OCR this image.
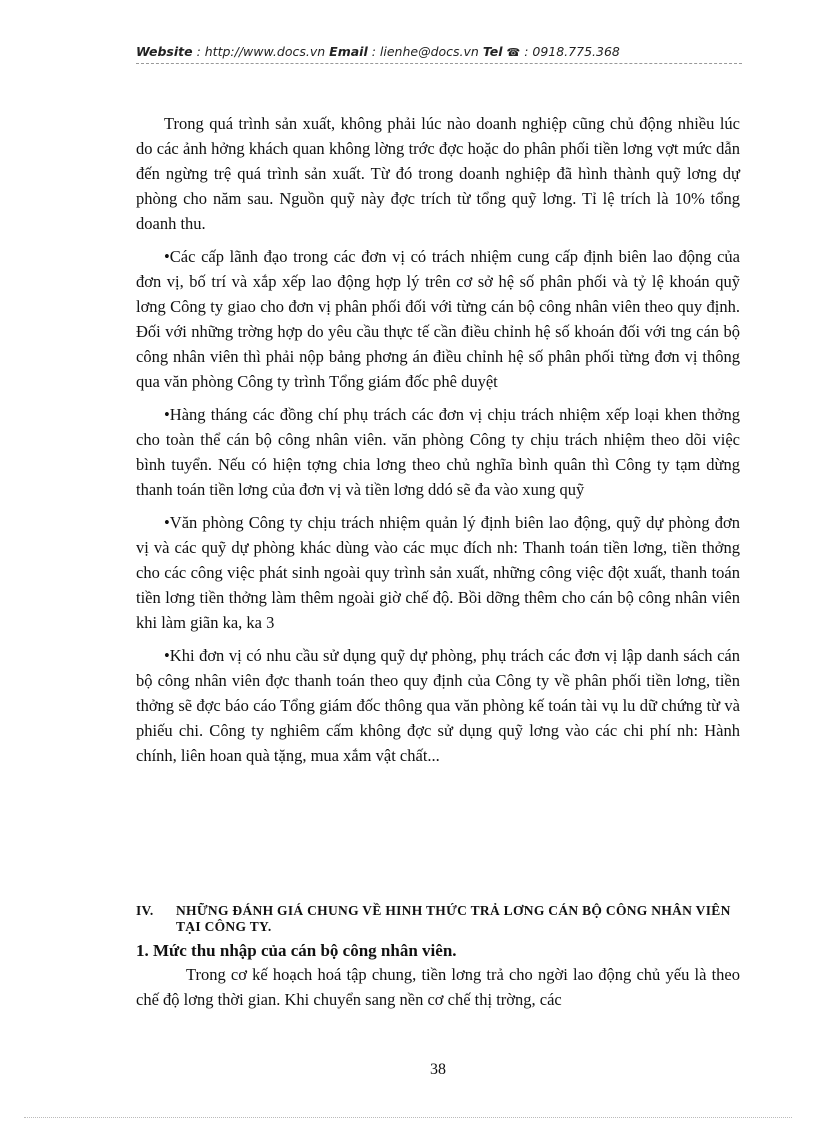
Website : http://www.docs.vn Email : lienhe@docs.vn Tel ☎ : 0918.775.368

Trong quá trình sản xuất, không phải lúc nào doanh nghiệp cũng chủ động nhiều lúc do các ảnh hởng khách quan không lờng trớc đợc hoặc do phân phối tiền lơng vợt mức dẫn đến ngừng trệ quá trình sản xuất. Từ đó trong doanh nghiệp đã hình thành quỹ lơng dự phòng cho năm sau. Nguồn quỹ này đợc trích từ tổng quỹ lơng. Tỉ lệ trích là 10% tổng doanh thu.

•Các cấp lãnh đạo trong các đơn vị có trách nhiệm cung cấp định biên lao động của đơn vị, bố trí và xắp xếp lao động hợp lý trên cơ sở hệ số phân phối và tỷ lệ khoán quỹ lơng Công ty giao cho đơn vị phân phối đối với từng cán bộ công nhân viên theo quy định. Đối với những trờng hợp do yêu cầu thực tế cần điều chỉnh hệ số khoán đối với tng cán bộ công nhân viên thì phải nộp bảng phơng án điều chỉnh hệ số phân phối từng đơn vị thông qua văn phòng Công ty trình Tổng giám đốc phê duyệt

•Hàng tháng các đồng chí phụ trách các đơn vị chịu trách nhiệm xếp loại khen thởng cho toàn thể cán bộ công nhân viên. văn phòng Công ty chịu trách nhiệm theo dõi việc bình tuyển. Nếu có hiện tợng chia lơng theo chủ nghĩa bình quân thì Công ty tạm dừng thanh toán tiền lơng của đơn vị và tiền lơng ddó sẽ đa vào xung quỹ

•Văn phòng Công ty chịu trách nhiệm quản lý định biên lao động, quỹ dự phòng đơn vị và các quỹ dự phòng khác dùng vào các mục đích nh: Thanh toán tiền lơng, tiền thởng cho các công việc phát sinh ngoài quy trình sản xuất, những công việc đột xuất, thanh toán tiền lơng tiền thởng làm thêm ngoài giờ chế độ. Bồi dỡng thêm cho cán bộ công nhân viên khi làm giãn ka, ka 3

•Khi đơn vị có nhu cầu sử dụng quỹ dự phòng, phụ trách các đơn vị lập danh sách cán bộ công nhân viên đợc thanh toán theo quy định của Công ty về phân phối tiền lơng, tiền thởng sẽ đợc báo cáo Tổng giám đốc thông qua văn phòng kế toán tài vụ lu dữ chứng từ và phiếu chi. Công ty nghiêm cấm không đợc sử dụng quỹ lơng vào các chi phí nh: Hành chính, liên hoan quà tặng, mua xắm vật chất...

IV.	NHỮNG ĐÁNH GIÁ CHUNG VỀ HINH THỨC TRẢ LƠNG CÁN BỘ CÔNG NHÂN VIÊN TẠI CÔNG TY.
1. Mức thu nhập của cán bộ công nhân viên.

Trong cơ kế hoạch hoá tập chung, tiền lơng trả cho ngời lao động chủ yếu là theo chế độ lơng thời gian. Khi chuyển sang nền cơ chế thị trờng, các

38
